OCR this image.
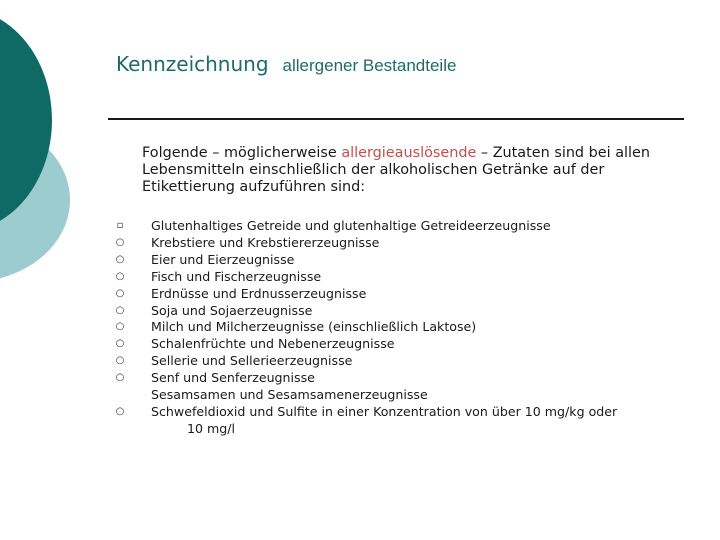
Kennzeichnung allergener Bestandteile
Folgende – möglicherweise allergieauslösende – Zutaten sind bei allen Lebensmitteln einschließlich der alkoholischen Getränke auf der Etikettierung aufzuführen sind:
▫ Glutenhaltiges Getreide und glutenhaltige Getreideerzeugnisse
○ Krebstiere und Krebstiererzeugnisse
○ Eier und Eierzeugnisse
○ Fisch und Fischerzeugnisse
○ Erdnüsse und Erdnusserzeugnisse
○ Soja und Sojaerzeugnisse
○ Milch und Milcherzeugnisse (einschließlich Laktose)
○ Schalenfrüchte und Nebenerzeugnisse
○ Sellerie und Sellerieerzeugnisse
○ Senf und Senferzeugnisse
Sesamsamen und Sesamsamenerzeugnisse
○ Schwefeldioxid und Sulfite in einer Konzentration von über 10 mg/kg oder
10 mg/l
